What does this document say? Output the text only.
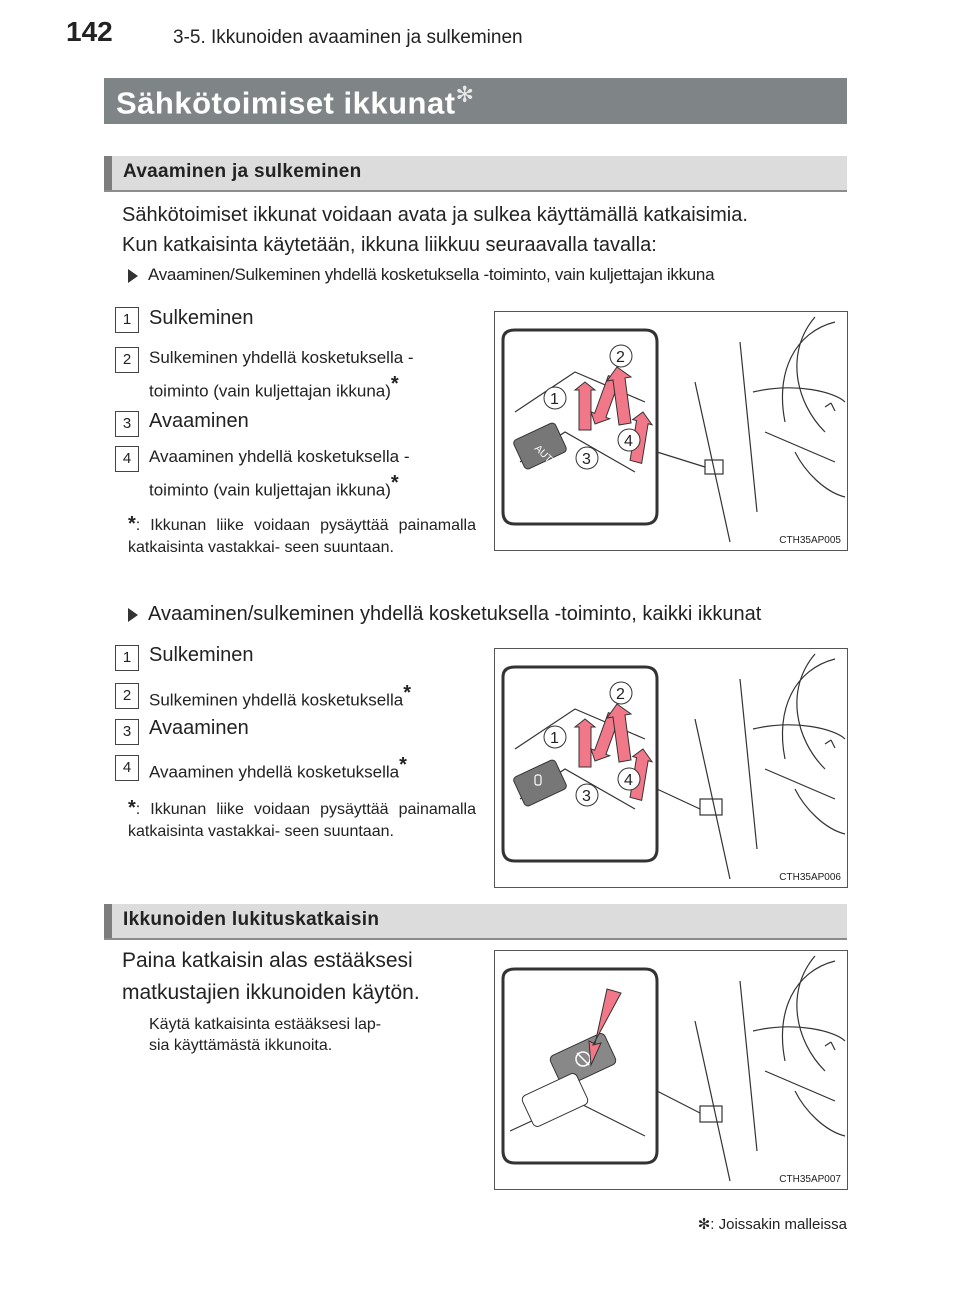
142	3-5. Ikkunoiden avaaminen ja sulkeminen
Sähkötoimiset ikkunat✻
Avaaminen ja sulkeminen
Sähkötoimiset ikkunat voidaan avata ja sulkea käyttämällä katkaisimia.
Kun katkaisinta käytetään, ikkuna liikkuu seuraavalla tavalla:
Avaaminen/Sulkeminen yhdellä kosketuksella -toiminto, vain kuljettajan ikkuna
1 Sulkeminen
2	Sulkeminen yhdellä kosketuksella -
toiminto (vain kuljettajan ikkuna)*
3 Avaaminen
4	Avaaminen yhdellä kosketuksella -
toiminto (vain kuljettajan ikkuna)*
*: Ikkunan liike voidaan pysäyttää painamalla katkaisinta vastakkai- seen suuntaan.
AUTO
1
2
3
4
CTH35AP005
Avaaminen/sulkeminen yhdellä kosketuksella -toiminto, kaikki ikkunat
1 Sulkeminen
2	Sulkeminen yhdellä kosketuksella*
3 Avaaminen
4	Avaaminen yhdellä kosketuksella*
*: Ikkunan liike voidaan pysäyttää painamalla katkaisinta vastakkai- seen suuntaan.
1
2
3
4
CTH35AP006
Ikkunoiden lukituskatkaisin
Paina katkaisin alas estääksesi
matkustajien ikkunoiden käytön.
Käytä katkaisinta estääksesi lap-
sia käyttämästä ikkunoita.
CTH35AP007
✻: Joissakin malleissa
